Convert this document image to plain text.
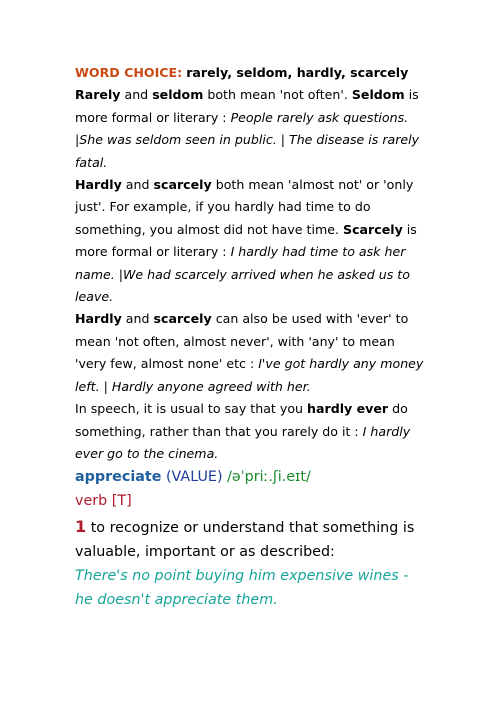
WORD CHOICE: rarely, seldom, hardly, scarcely

Rarely and seldom both mean 'not often'. Seldom is more formal or literary : People rarely ask questions. |She was seldom seen in public. | The disease is rarely fatal.

Hardly and scarcely both mean 'almost not' or 'only just'. For example, if you hardly had time to do something, you almost did not have time. Scarcely is more formal or literary : I hardly had time to ask her name. |We had scarcely arrived when he asked us to leave.

Hardly and scarcely can also be used with 'ever' to mean 'not often, almost never', with 'any' to mean 'very few, almost none' etc : I've got hardly any money left. | Hardly anyone agreed with her.

In speech, it is usual to say that you hardly ever do something, rather than that you rarely do it : I hardly ever go to the cinema.

appreciate (VALUE) /əˈpriː.ʃi.eɪt/
verb [T]
1 to recognize or understand that something is valuable, important or as described:
There's no point buying him expensive wines - he doesn't appreciate them.
